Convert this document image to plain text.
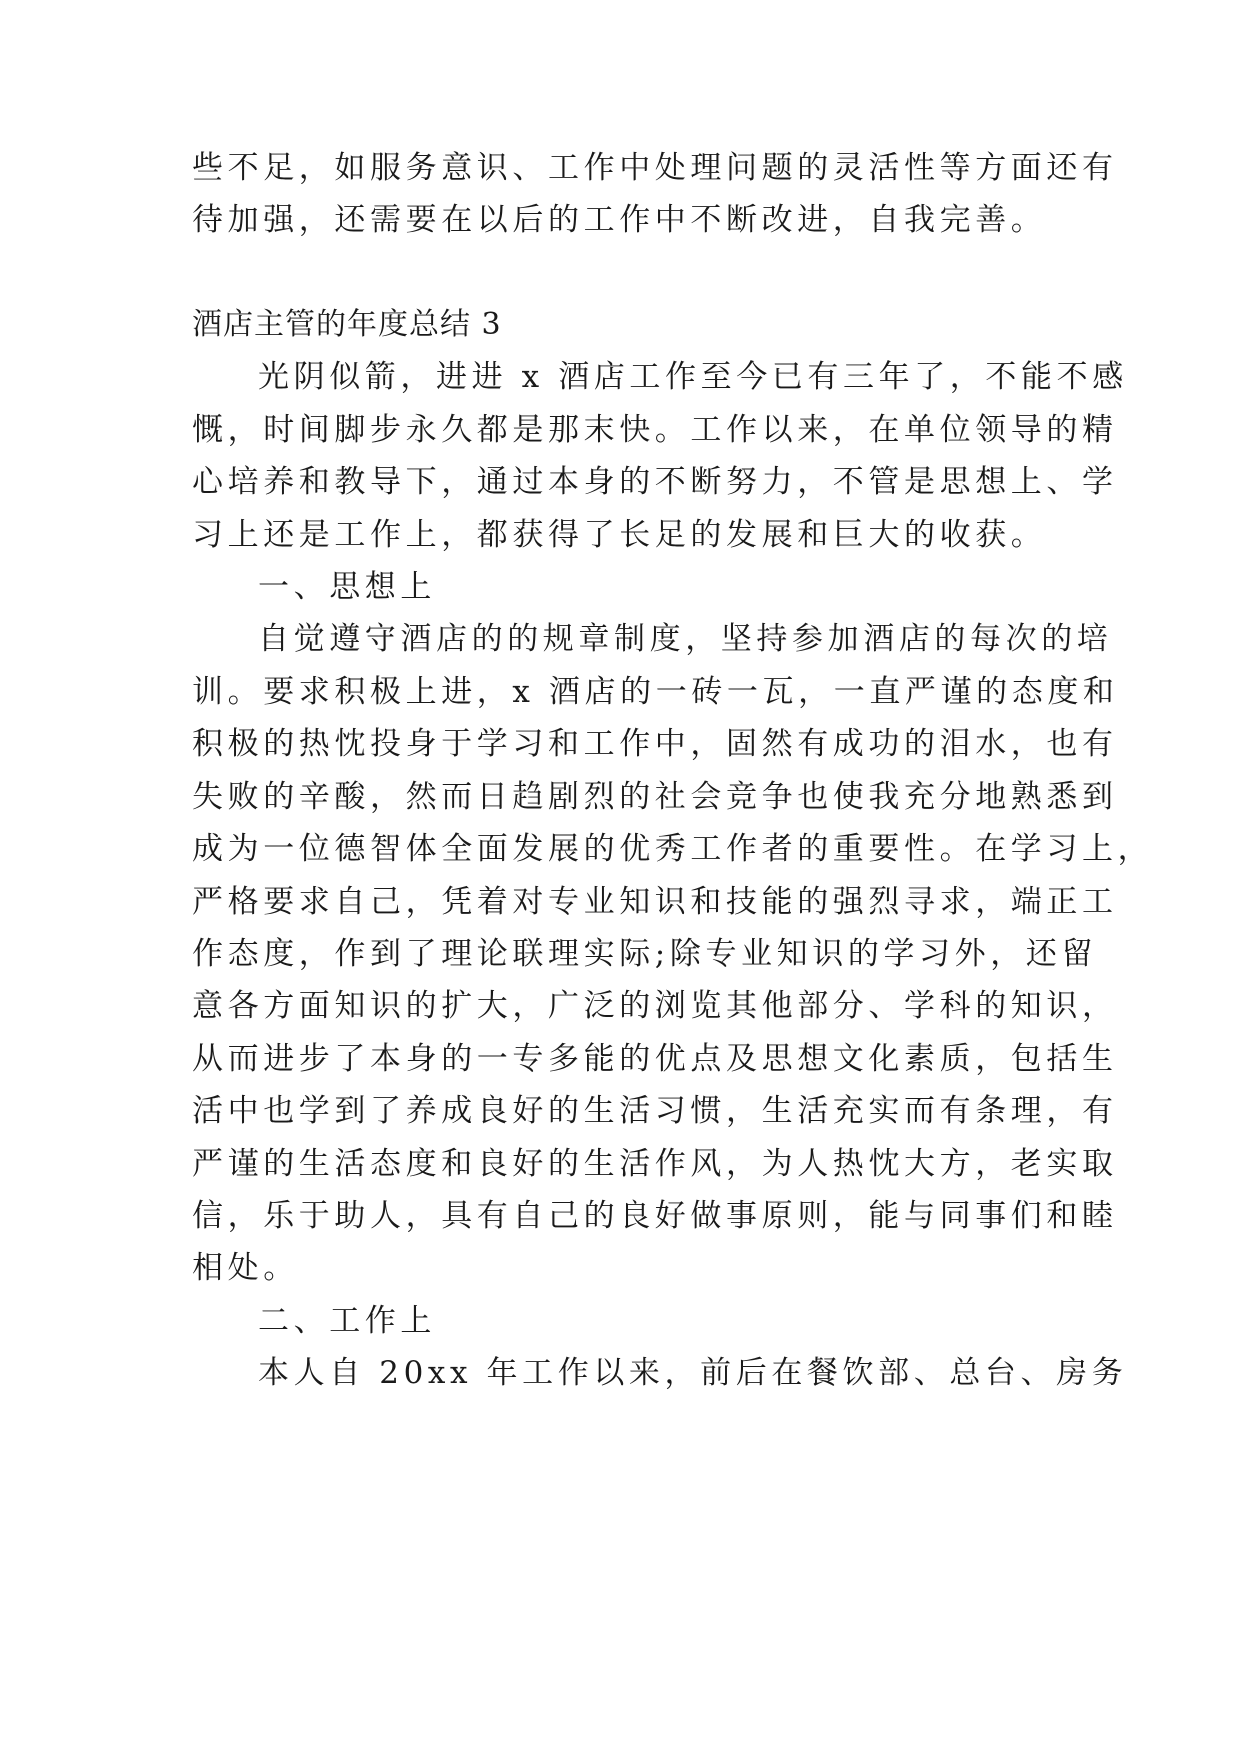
些不足，如服务意识、工作中处理问题的灵活性等方面还有
待加强，还需要在以后的工作中不断改进，自我完善。
酒店主管的年度总结 3
光阴似箭，进进 x 酒店工作至今已有三年了，不能不感
慨，时间脚步永久都是那末快。工作以来，在单位领导的精
心培养和教导下，通过本身的不断努力，不管是思想上、学
习上还是工作上，都获得了长足的发展和巨大的收获。
一、思想上
自觉遵守酒店的的规章制度，坚持参加酒店的每次的培
训。要求积极上进，x 酒店的一砖一瓦，一直严谨的态度和
积极的热忱投身于学习和工作中，固然有成功的泪水，也有
失败的辛酸，然而日趋剧烈的社会竞争也使我充分地熟悉到
成为一位德智体全面发展的优秀工作者的重要性。在学习上，
严格要求自己，凭着对专业知识和技能的强烈寻求，端正工
作态度，作到了理论联理实际;除专业知识的学习外，还留
意各方面知识的扩大，广泛的浏览其他部分、学科的知识，
从而进步了本身的一专多能的优点及思想文化素质，包括生
活中也学到了养成良好的生活习惯，生活充实而有条理，有
严谨的生活态度和良好的生活作风，为人热忱大方，老实取
信，乐于助人，具有自己的良好做事原则，能与同事们和睦
相处。
二、工作上
本人自 20xx 年工作以来，前后在餐饮部、总台、房务
